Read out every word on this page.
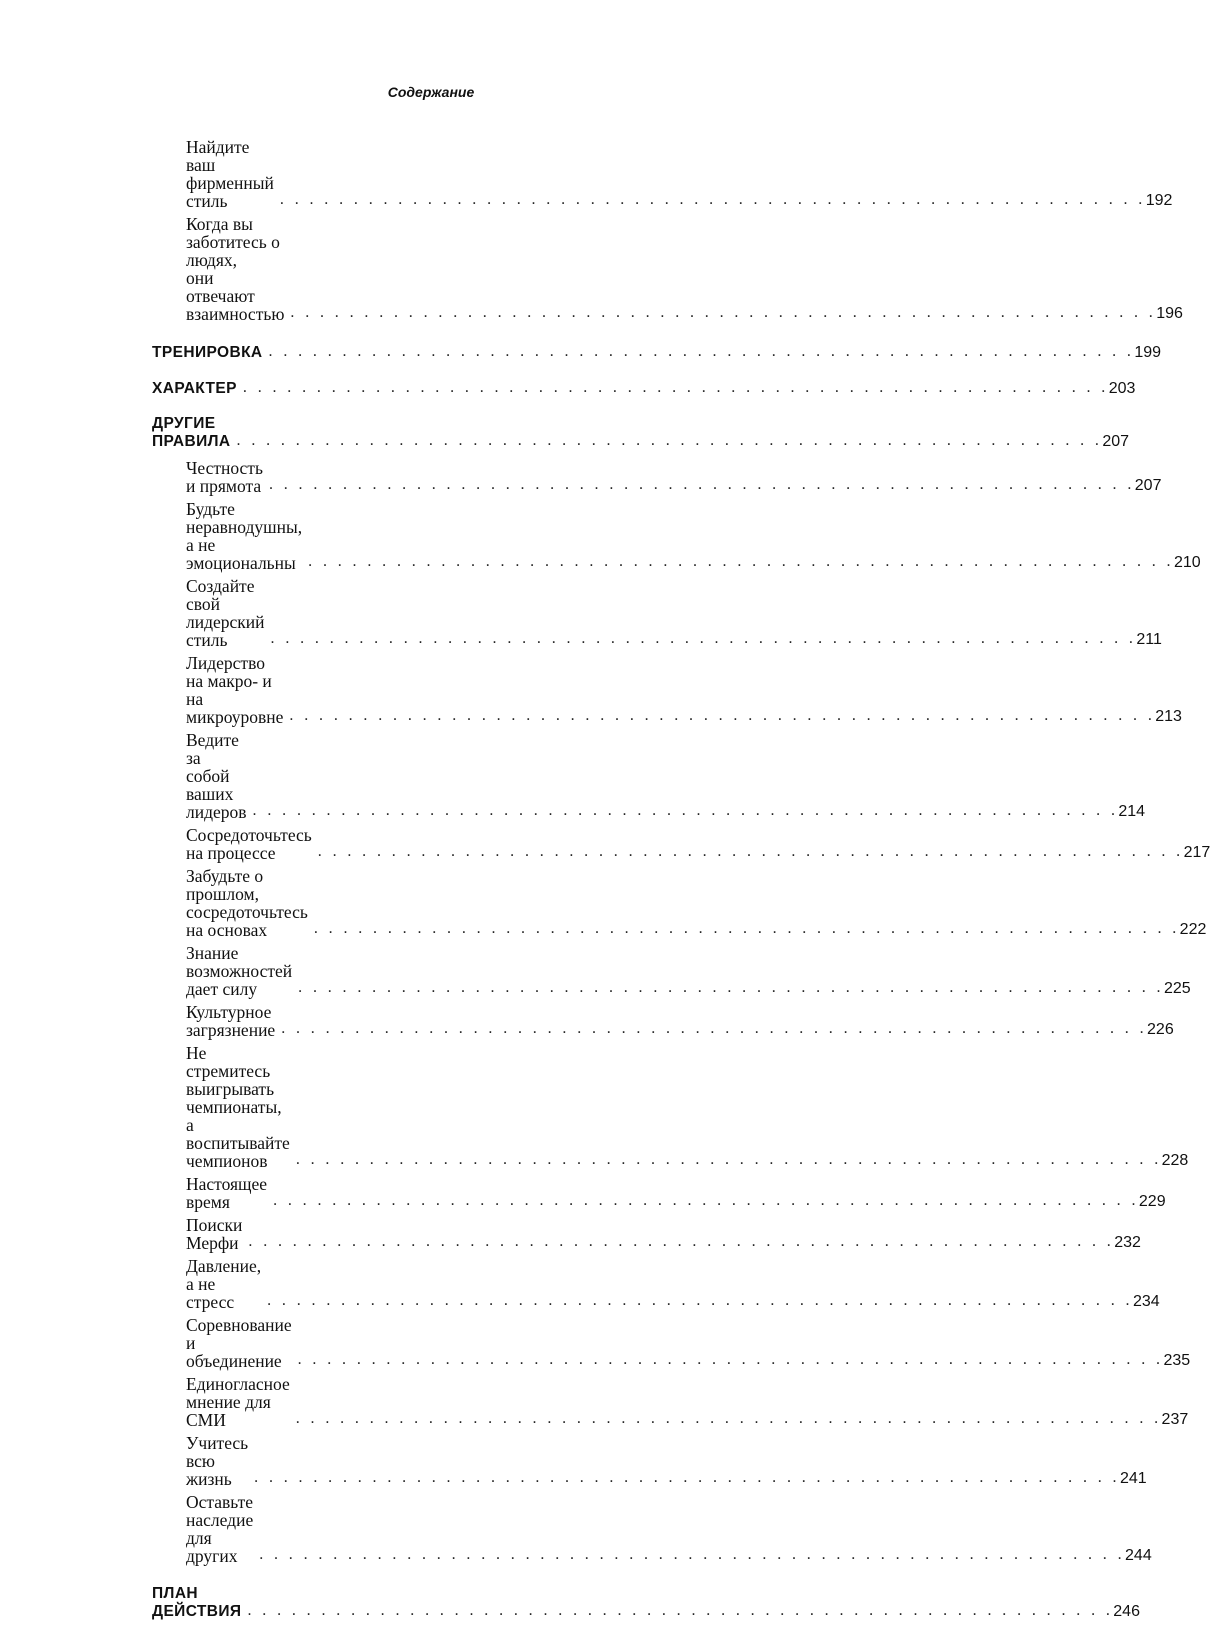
Содержание
Найдите ваш фирменный стиль	. . . . . . . . . . . . . . . . . . . . . . . . . . . . . . . . . . . . . . . . . . . . . . . . . . . . . . . . . . . 192
Когда вы заботитесь о людях,
они отвечают взаимностью . . . . . . . . . . . . . . . . . . . . . . . . . . . . . . . . . . . . . . . . . . . . . . . . . . . . . . . . . . . 196
ТРЕНИРОВКА . . . . . . . . . . . . . . . . . . . . . . . . . . . . . . . . . . . . . . . . . . . . . . . . . . . . . . . . . . . 199
ХАРАКТЕР . . . . . . . . . . . . . . . . . . . . . . . . . . . . . . . . . . . . . . . . . . . . . . . . . . . . . . . . . . . 203
ДРУГИЕ ПРАВИЛА . . . . . . . . . . . . . . . . . . . . . . . . . . . . . . . . . . . . . . . . . . . . . . . . . . . . . . . . . . . 207
Честность и прямота . . . . . . . . . . . . . . . . . . . . . . . . . . . . . . . . . . . . . . . . . . . . . . . . . . . . . . . . . . . 207
Будьте неравнодушны,
а не эмоциональны . . . . . . . . . . . . . . . . . . . . . . . . . . . . . . . . . . . . . . . . . . . . . . . . . . . . . . . . . . . 210
Создайте свой лидерский стиль	. . . . . . . . . . . . . . . . . . . . . . . . . . . . . . . . . . . . . . . . . . . . . . . . . . . . . . . . . . . 211
Лидерство на макро- и на микроуровне . . . . . . . . . . . . . . . . . . . . . . . . . . . . . . . . . . . . . . . . . . . . . . . . . . . . . . . . . . . 213
Ведите за собой ваших лидеров . . . . . . . . . . . . . . . . . . . . . . . . . . . . . . . . . . . . . . . . . . . . . . . . . . . . . . . . . . . 214
Сосредоточьтесь на процессе	. . . . . . . . . . . . . . . . . . . . . . . . . . . . . . . . . . . . . . . . . . . . . . . . . . . . . . . . . . . 217
Забудьте о прошлом,
сосредоточьтесь на основах	. . . . . . . . . . . . . . . . . . . . . . . . . . . . . . . . . . . . . . . . . . . . . . . . . . . . . . . . . . . 222
Знание возможностей дает силу	. . . . . . . . . . . . . . . . . . . . . . . . . . . . . . . . . . . . . . . . . . . . . . . . . . . . . . . . . . . 225
Культурное загрязнение . . . . . . . . . . . . . . . . . . . . . . . . . . . . . . . . . . . . . . . . . . . . . . . . . . . . . . . . . . . 226
Не стремитесь выигрывать чемпионаты,
а воспитывайте чемпионов	. . . . . . . . . . . . . . . . . . . . . . . . . . . . . . . . . . . . . . . . . . . . . . . . . . . . . . . . . . . 228
Настоящее время	. . . . . . . . . . . . . . . . . . . . . . . . . . . . . . . . . . . . . . . . . . . . . . . . . . . . . . . . . . . 229
Поиски Мерфи . . . . . . . . . . . . . . . . . . . . . . . . . . . . . . . . . . . . . . . . . . . . . . . . . . . . . . . . . . . 232
Давление, а не стресс	. . . . . . . . . . . . . . . . . . . . . . . . . . . . . . . . . . . . . . . . . . . . . . . . . . . . . . . . . . . 234
Соревнование и объединение . . . . . . . . . . . . . . . . . . . . . . . . . . . . . . . . . . . . . . . . . . . . . . . . . . . . . . . . . . . 235
Единогласное мнение для СМИ	. . . . . . . . . . . . . . . . . . . . . . . . . . . . . . . . . . . . . . . . . . . . . . . . . . . . . . . . . . . 237
Учитесь всю жизнь	. . . . . . . . . . . . . . . . . . . . . . . . . . . . . . . . . . . . . . . . . . . . . . . . . . . . . . . . . . . 241
Оставьте наследие для других	. . . . . . . . . . . . . . . . . . . . . . . . . . . . . . . . . . . . . . . . . . . . . . . . . . . . . . . . . . . 244
ПЛАН ДЕЙСТВИЯ . . . . . . . . . . . . . . . . . . . . . . . . . . . . . . . . . . . . . . . . . . . . . . . . . . . . . . . . . . . 246
